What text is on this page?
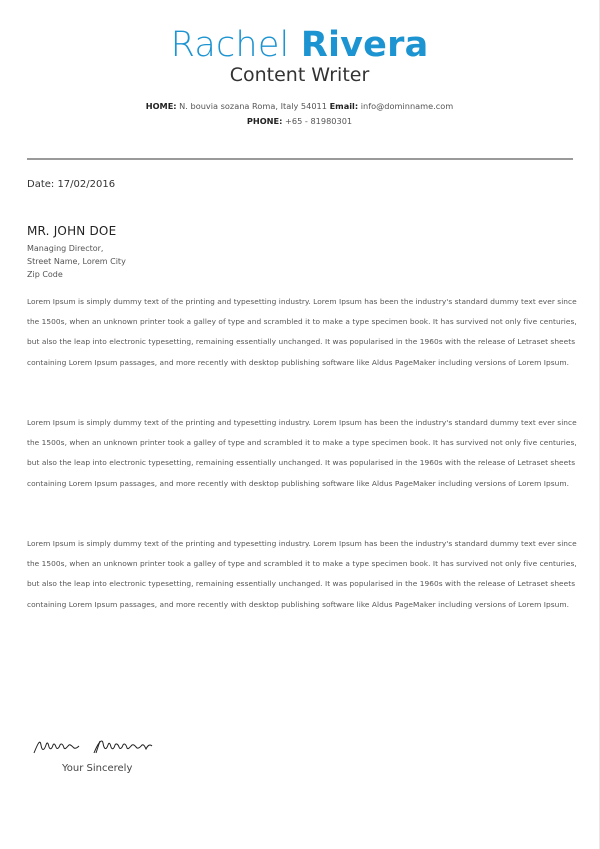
Rachel Rivera
Content Writer
HOME: N. bouvia sozana Roma, Italy 54011 Email: info@dominname.com
PHONE: +65 - 81980301
Date: 17/02/2016
MR. JOHN DOE
Managing Director,
Street Name, Lorem City
Zip Code
Lorem Ipsum is simply dummy text of the printing and typesetting industry. Lorem Ipsum has been the industry's standard dummy text ever since the 1500s, when an unknown printer took a galley of type and scrambled it to make a type specimen book. It has survived not only five centuries, but also the leap into electronic typesetting, remaining essentially unchanged. It was popularised in the 1960s with the release of Letraset sheets containing Lorem Ipsum passages, and more recently with desktop publishing software like Aldus PageMaker including versions of Lorem Ipsum.
Lorem Ipsum is simply dummy text of the printing and typesetting industry. Lorem Ipsum has been the industry's standard dummy text ever since the 1500s, when an unknown printer took a galley of type and scrambled it to make a type specimen book. It has survived not only five centuries, but also the leap into electronic typesetting, remaining essentially unchanged. It was popularised in the 1960s with the release of Letraset sheets containing Lorem Ipsum passages, and more recently with desktop publishing software like Aldus PageMaker including versions of Lorem Ipsum.
Lorem Ipsum is simply dummy text of the printing and typesetting industry. Lorem Ipsum has been the industry's standard dummy text ever since the 1500s, when an unknown printer took a galley of type and scrambled it to make a type specimen book. It has survived not only five centuries, but also the leap into electronic typesetting, remaining essentially unchanged. It was popularised in the 1960s with the release of Letraset sheets containing Lorem Ipsum passages, and more recently with desktop publishing software like Aldus PageMaker including versions of Lorem Ipsum.
Your Sincerely
